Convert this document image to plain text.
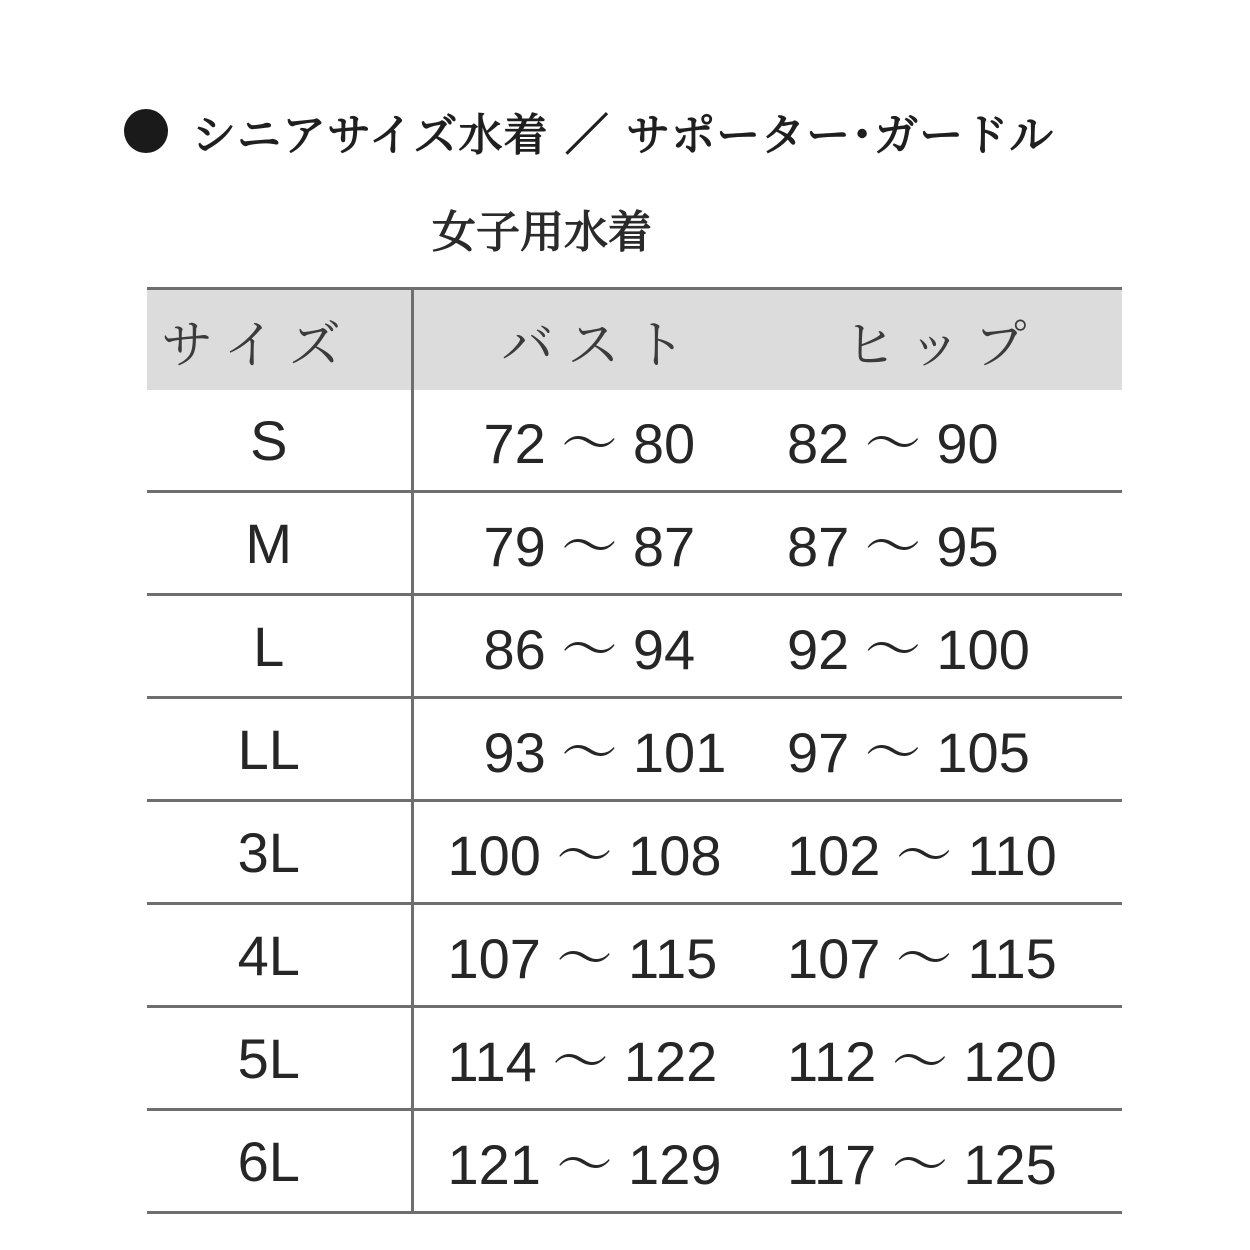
シニアサイズ水着 ／ サポーター･ガードル
女子用水着
サイズ	バスト	ヒップ
S	72 ～ 80	82 ～ 90
M	79 ～ 87	87 ～ 95
L	86 ～ 94	92 ～ 100
LL	93 ～ 101	97 ～ 105
3L	100 ～ 108	102 ～ 110
4L	107 ～ 115	107 ～ 115
5L	114 ～ 122	112 ～ 120
6L	121 ～ 129	117 ～ 125
